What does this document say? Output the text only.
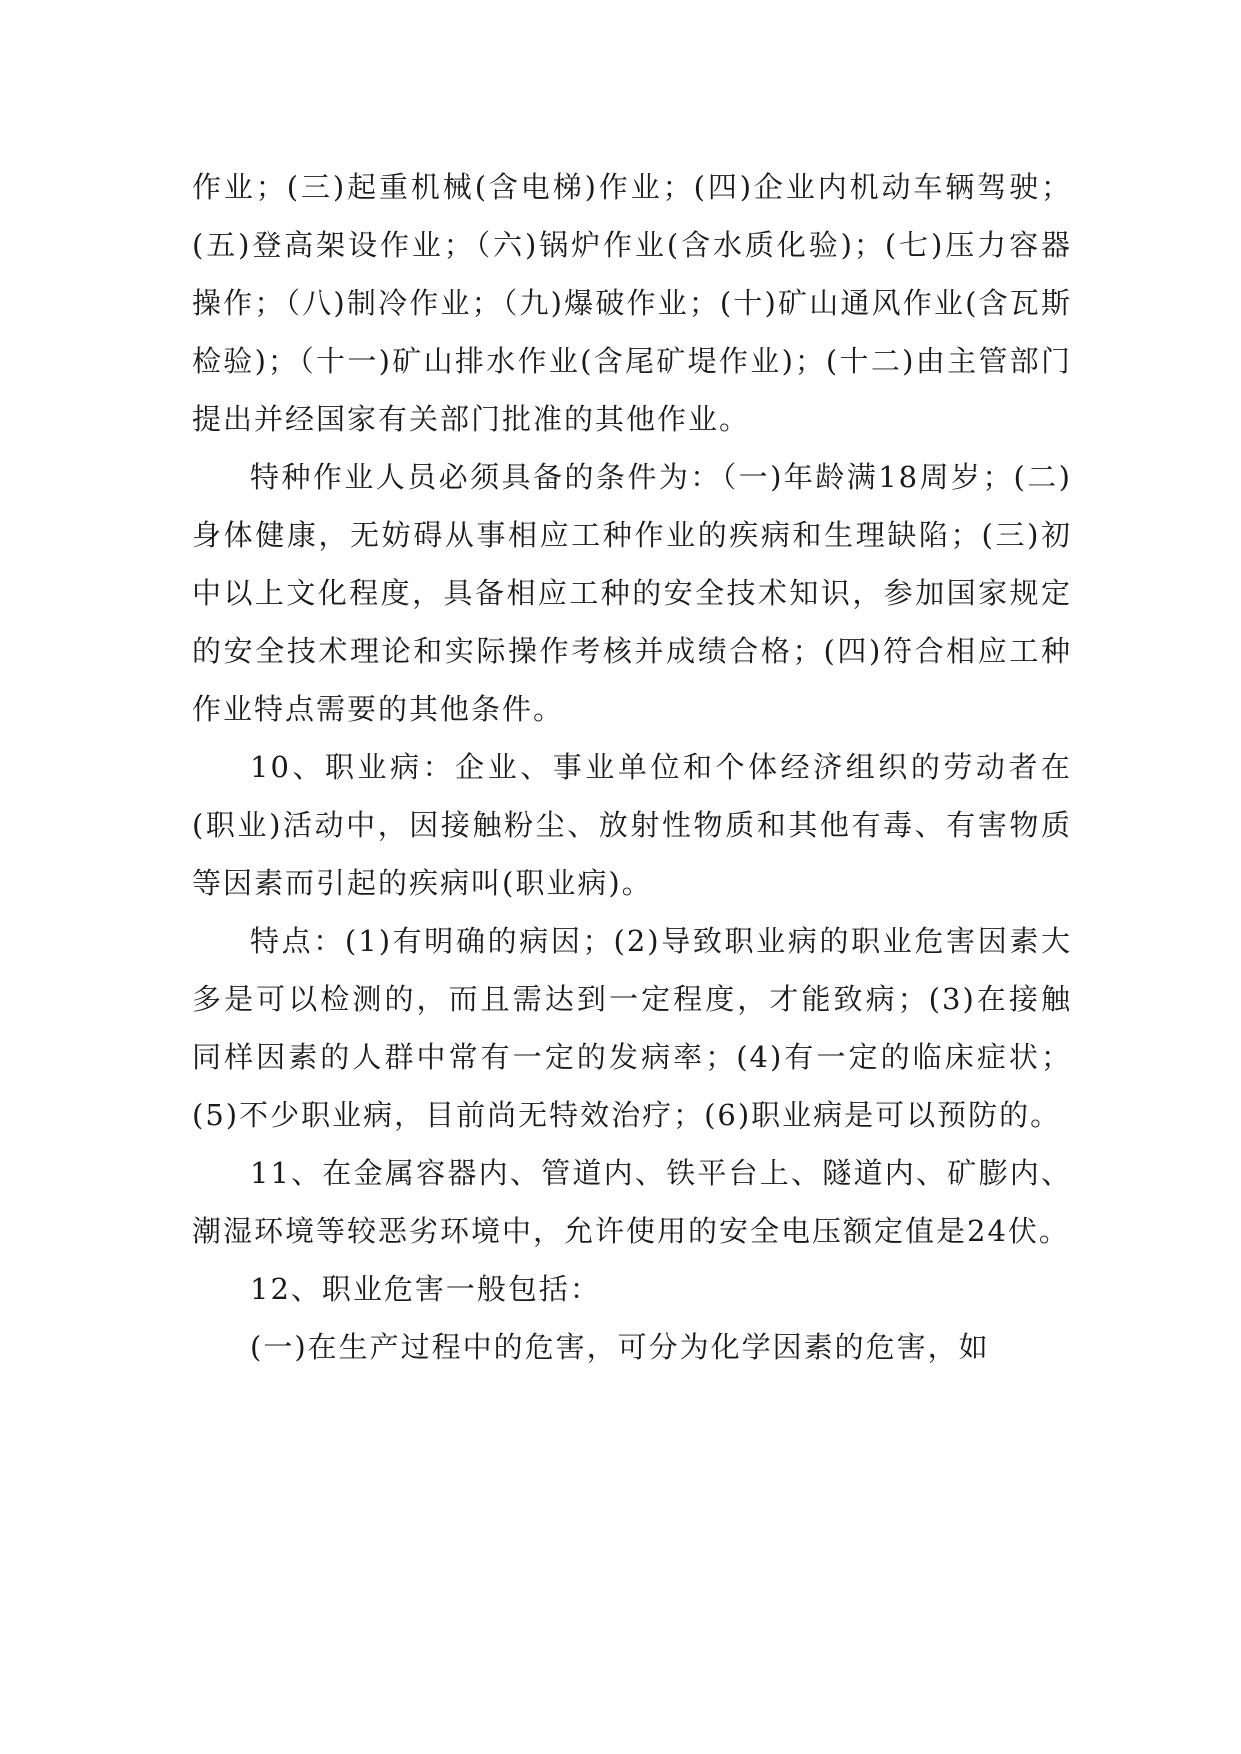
作业；(三)起重机械(含电梯)作业；(四)企业内机动车辆驾驶；(五)登高架设作业；（六)锅炉作业(含水质化验)；(七)压力容器操作；（八)制冷作业；（九)爆破作业；(十)矿山通风作业(含瓦斯检验)；（十一)矿山排水作业(含尾矿堤作业)；(十二)由主管部门提出并经国家有关部门批准的其他作业。

特种作业人员必须具备的条件为：（一)年龄满18周岁；(二)身体健康，无妨碍从事相应工种作业的疾病和生理缺陷；(三)初中以上文化程度，具备相应工种的安全技术知识，参加国家规定的安全技术理论和实际操作考核并成绩合格；(四)符合相应工种作业特点需要的其他条件。

10、职业病：企业、事业单位和个体经济组织的劳动者在(职业)活动中，因接触粉尘、放射性物质和其他有毒、有害物质等因素而引起的疾病叫(职业病)。

特点：(1)有明确的病因；(2)导致职业病的职业危害因素大多是可以检测的，而且需达到一定程度，才能致病；(3)在接触同样因素的人群中常有一定的发病率；(4)有一定的临床症状；(5)不少职业病，目前尚无特效治疗；(6)职业病是可以预防的。

11、在金属容器内、管道内、铁平台上、隧道内、矿膨内、潮湿环境等较恶劣环境中，允许使用的安全电压额定值是24伏。

12、职业危害一般包括：

(一)在生产过程中的危害，可分为化学因素的危害，如
